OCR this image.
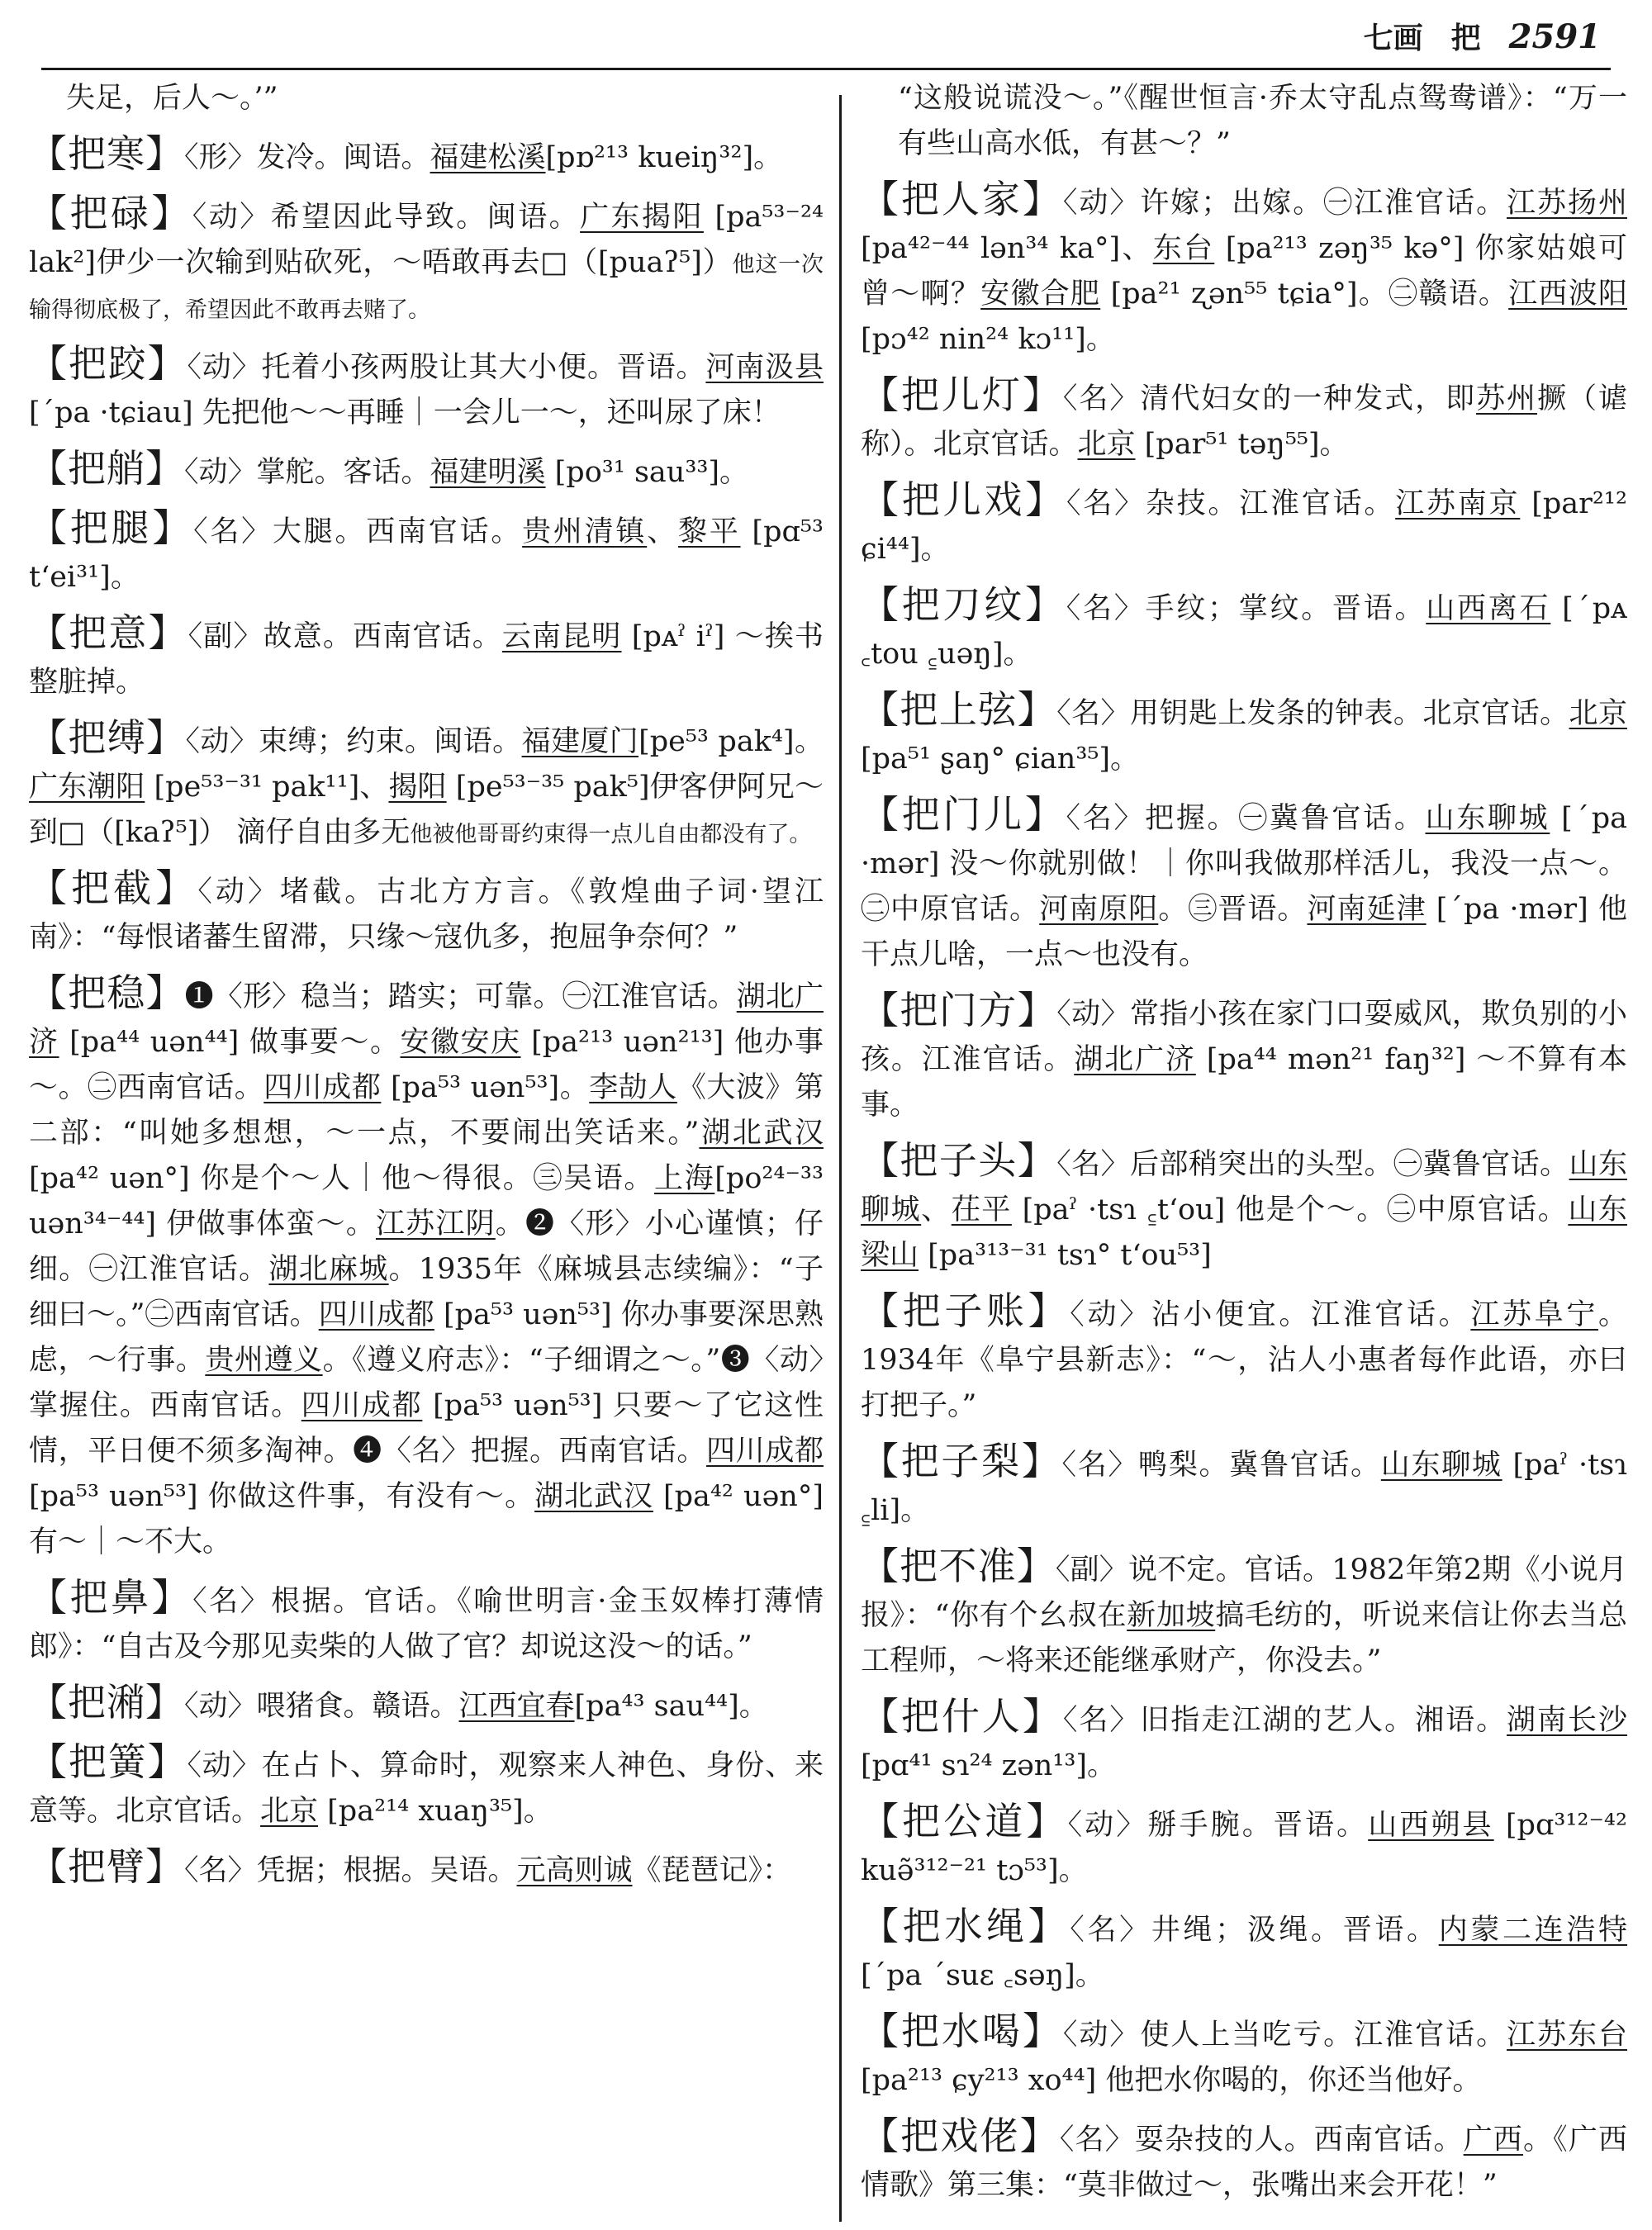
七画 把 2591
失足，后人～。’”
【把寒】〈形〉发冷。闽语。福建松溪[pɒ²¹³ kueiŋ³²]。
【把碌】〈动〉希望因此导致。闽语。广东揭阳 [pa⁵³⁻²⁴ lak²]伊少一次输到贴砍死，～唔敢再去□（[puaʔ⁵]）他这一次输得彻底极了，希望因此不敢再去赌了。
【把跤】〈动〉托着小孩两股让其大小便。晋语。河南汲县 [ˊpa ·tɕiau] 先把他～～再睡｜一会儿一～，还叫尿了床！
【把艄】〈动〉掌舵。客话。福建明溪 [po³¹ sau³³]。
【把腿】〈名〉大腿。西南官话。贵州清镇、黎平 [pɑ⁵³ tʻei³¹]。
【把意】〈副〉故意。西南官话。云南昆明 [pᴀˀ iˀ] ～挨书整脏掉。
【把缚】〈动〉束缚；约束。闽语。福建厦门[pe⁵³ pak⁴]。广东潮阳 [pe⁵³⁻³¹ pak¹¹]、揭阳 [pe⁵³⁻³⁵ pak⁵]伊客伊阿兄～到□（[kaʔ⁵]） 滴仔自由多无他被他哥哥约束得一点儿自由都没有了。
【把截】〈动〉堵截。古北方方言。《敦煌曲子词·望江南》：“每恨诸蕃生留滞，只缘～寇仇多，抱屈争奈何？”
【把稳】❶〈形〉稳当；踏实；可靠。㊀江淮官话。湖北广济 [pa⁴⁴ uən⁴⁴] 做事要～。安徽安庆 [pa²¹³ uən²¹³] 他办事～。㊁西南官话。四川成都 [pa⁵³ uən⁵³]。李劼人《大波》第二部：“叫她多想想，～一点，不要闹出笑话来。”湖北武汉 [pa⁴² uən°] 你是个～人｜他～得很。㊂吴语。上海[po²⁴⁻³³ uən³⁴⁻⁴⁴] 伊做事体蛮～。江苏江阴。❷〈形〉小心谨慎；仔细。㊀江淮官话。湖北麻城。1935年《麻城县志续编》：“子细曰～。”㊁西南官话。四川成都 [pa⁵³ uən⁵³] 你办事要深思熟虑，～行事。贵州遵义。《遵义府志》：“子细谓之～。”❸〈动〉掌握住。西南官话。四川成都 [pa⁵³ uən⁵³] 只要～了它这性情，平日便不须多淘神。❹〈名〉把握。西南官话。四川成都 [pa⁵³ uən⁵³] 你做这件事，有没有～。湖北武汉 [pa⁴² uən°] 有～｜～不大。
【把鼻】〈名〉根据。官话。《喻世明言·金玉奴棒打薄情郎》：“自古及今那见卖柴的人做了官？却说这没～的话。”
【把潲】〈动〉喂猪食。赣语。江西宜春[pa⁴³ sau⁴⁴]。
【把簧】〈动〉在占卜、算命时，观察来人神色、身份、来意等。北京官话。北京 [pa²¹⁴ xuaŋ³⁵]。
【把臂】〈名〉凭据；根据。吴语。元高则诚《琵琶记》：
“这般说谎没～。”《醒世恒言·乔太守乱点鸳鸯谱》：“万一有些山高水低，有甚～？”
【把人家】〈动〉许嫁；出嫁。㊀江淮官话。江苏扬州 [pa⁴²⁻⁴⁴ lən³⁴ ka°]、东台 [pa²¹³ zəŋ³⁵ kə°] 你家姑娘可曾～啊？安徽合肥 [pa²¹ ʐən⁵⁵ tɕia°]。㊁赣语。江西波阳 [pɔ⁴² nin²⁴ kɔ¹¹]。
【把儿灯】〈名〉清代妇女的一种发式，即苏州撅（谑称）。北京官话。北京 [par⁵¹ təŋ⁵⁵]。
【把儿戏】〈名〉杂技。江淮官话。江苏南京 [par²¹² ɕi⁴⁴]。
【把刀纹】〈名〉手纹；掌纹。晋语。山西离石 [ˊpᴀ ꜀tou ꜁uəŋ]。
【把上弦】〈名〉用钥匙上发条的钟表。北京官话。北京 [pa⁵¹ ʂaŋ° ɕian³⁵]。
【把门儿】〈名〉把握。㊀冀鲁官话。山东聊城 [ˊpa ·mər] 没～你就别做！｜你叫我做那样活儿，我没一点～。㊁中原官话。河南原阳。㊂晋语。河南延津 [ˊpa ·mər] 他干点儿啥，一点～也没有。
【把门方】〈动〉常指小孩在家门口耍威风，欺负别的小孩。江淮官话。湖北广济 [pa⁴⁴ mən²¹ faŋ³²] ～不算有本事。
【把子头】〈名〉后部稍突出的头型。㊀冀鲁官话。山东聊城、茌平 [paˀ ·tsɿ ꜁tʻou] 他是个～。㊁中原官话。山东梁山 [pa³¹³⁻³¹ tsɿ° tʻou⁵³]
【把子账】〈动〉沾小便宜。江淮官话。江苏阜宁。1934年《阜宁县新志》：“～，沾人小惠者每作此语，亦曰打把子。”
【把子梨】〈名〉鸭梨。冀鲁官话。山东聊城 [paˀ ·tsɿ ꜁li]。
【把不准】〈副〉说不定。官话。1982年第2期《小说月报》：“你有个幺叔在新加坡搞毛纺的，听说来信让你去当总工程师，～将来还能继承财产，你没去。”
【把什人】〈名〉旧指走江湖的艺人。湘语。湖南长沙 [pɑ⁴¹ sɿ²⁴ zən¹³]。
【把公道】〈动〉掰手腕。晋语。山西朔县 [pɑ³¹²⁻⁴² kuə̃³¹²⁻²¹ tɔ⁵³]。
【把水绳】〈名〉井绳；汲绳。晋语。内蒙二连浩特 [ˊpa ˊsuɛ ꜀səŋ]。
【把水喝】〈动〉使人上当吃亏。江淮官话。江苏东台 [pa²¹³ ɕy²¹³ xo⁴⁴] 他把水你喝的，你还当他好。
【把戏佬】〈名〉耍杂技的人。西南官话。广西。《广西情歌》第三集：“莫非做过～，张嘴出来会开花！”
